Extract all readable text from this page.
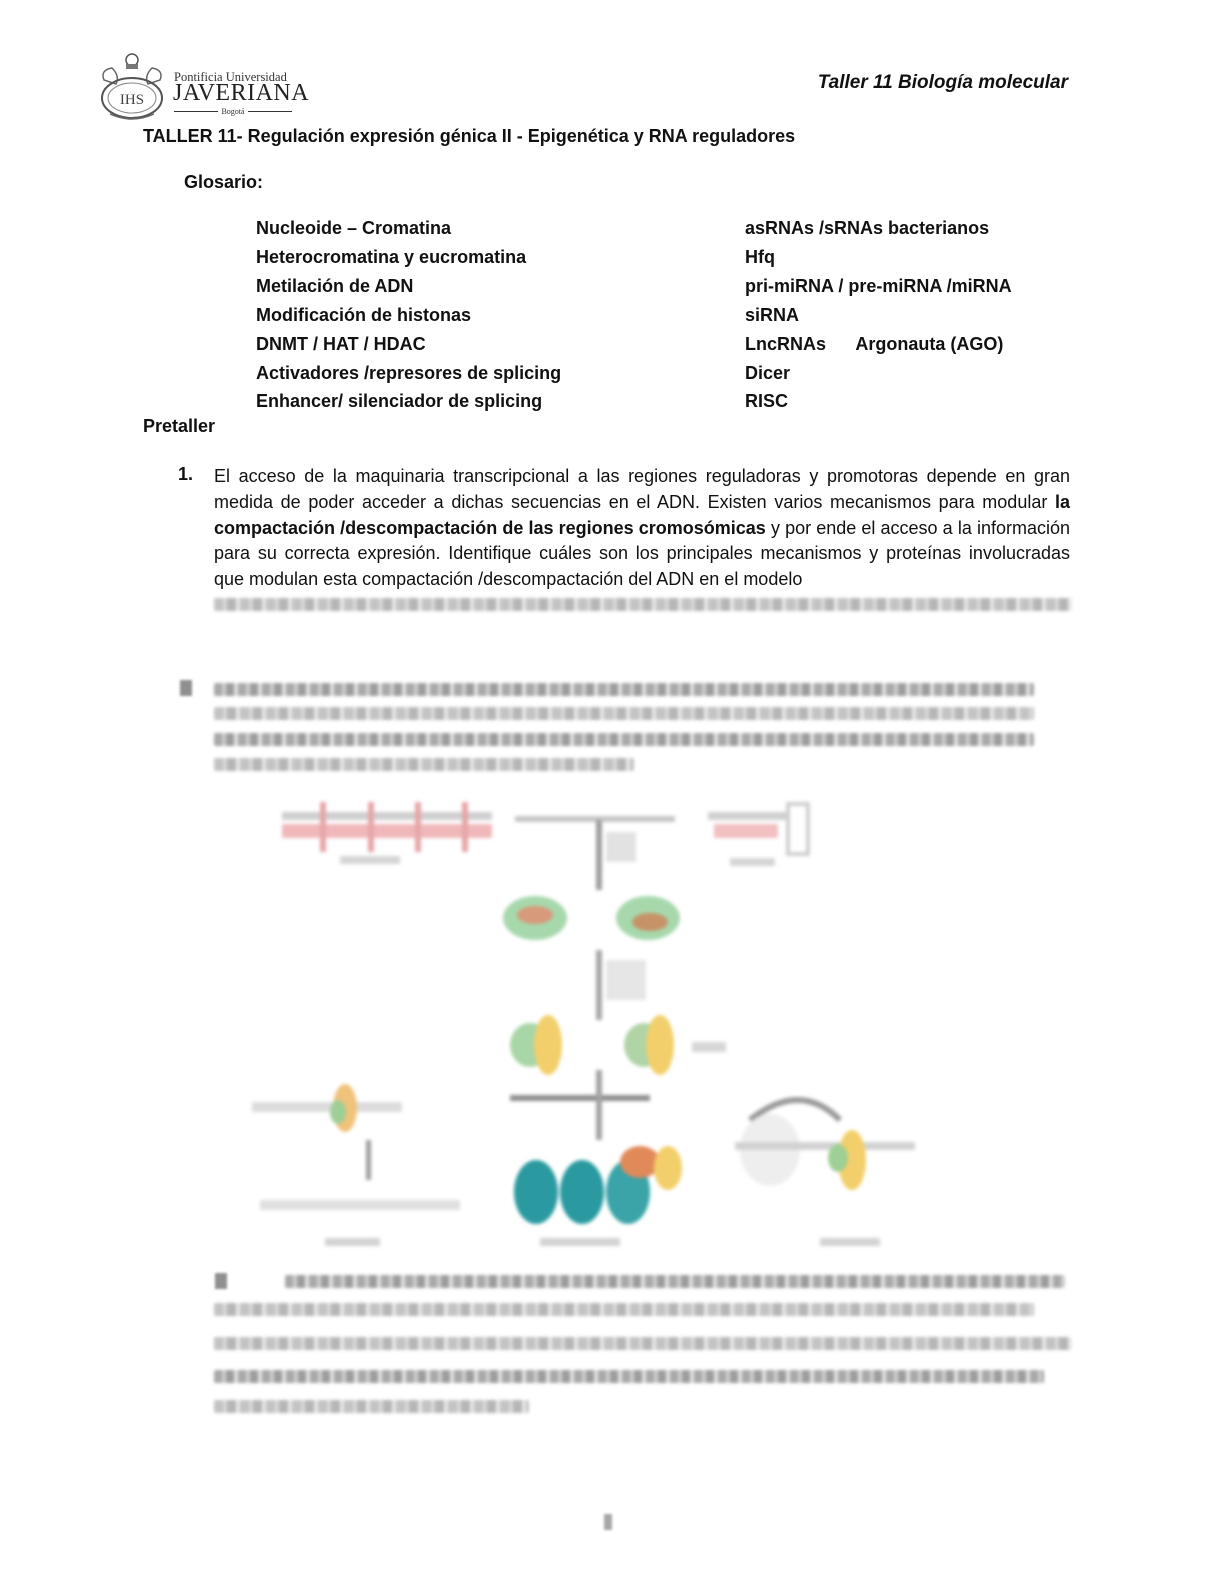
IHS
Pontificia Universidad
JAVERIANA
Bogotá
Taller 11 Biología molecular
TALLER 11- Regulación expresión génica II - Epigenética y RNA reguladores
Glosario:
Nucleoide – Cromatina
Heterocromatina y eucromatina
Metilación de ADN
Modificación de histonas
DNMT / HAT / HDAC
Activadores /represores de splicing
Enhancer/ silenciador de splicing
asRNAs /sRNAs bacterianos
Hfq
pri-miRNA / pre-miRNA /miRNA
siRNA
LncRNAs      Argonauta (AGO)
Dicer
RISC
Pretaller
1. El acceso de la maquinaria transcripcional a las regiones reguladoras y promotoras depende en gran medida de poder acceder a dichas secuencias en el ADN. Existen varios mecanismos para modular la compactación /descompactación de las regiones cromosómicas y por ende el acceso a la información para su correcta expresión. Identifique cuáles son los principales mecanismos y proteínas involucradas que modulan esta compactación /descompactación del ADN en el modelo
